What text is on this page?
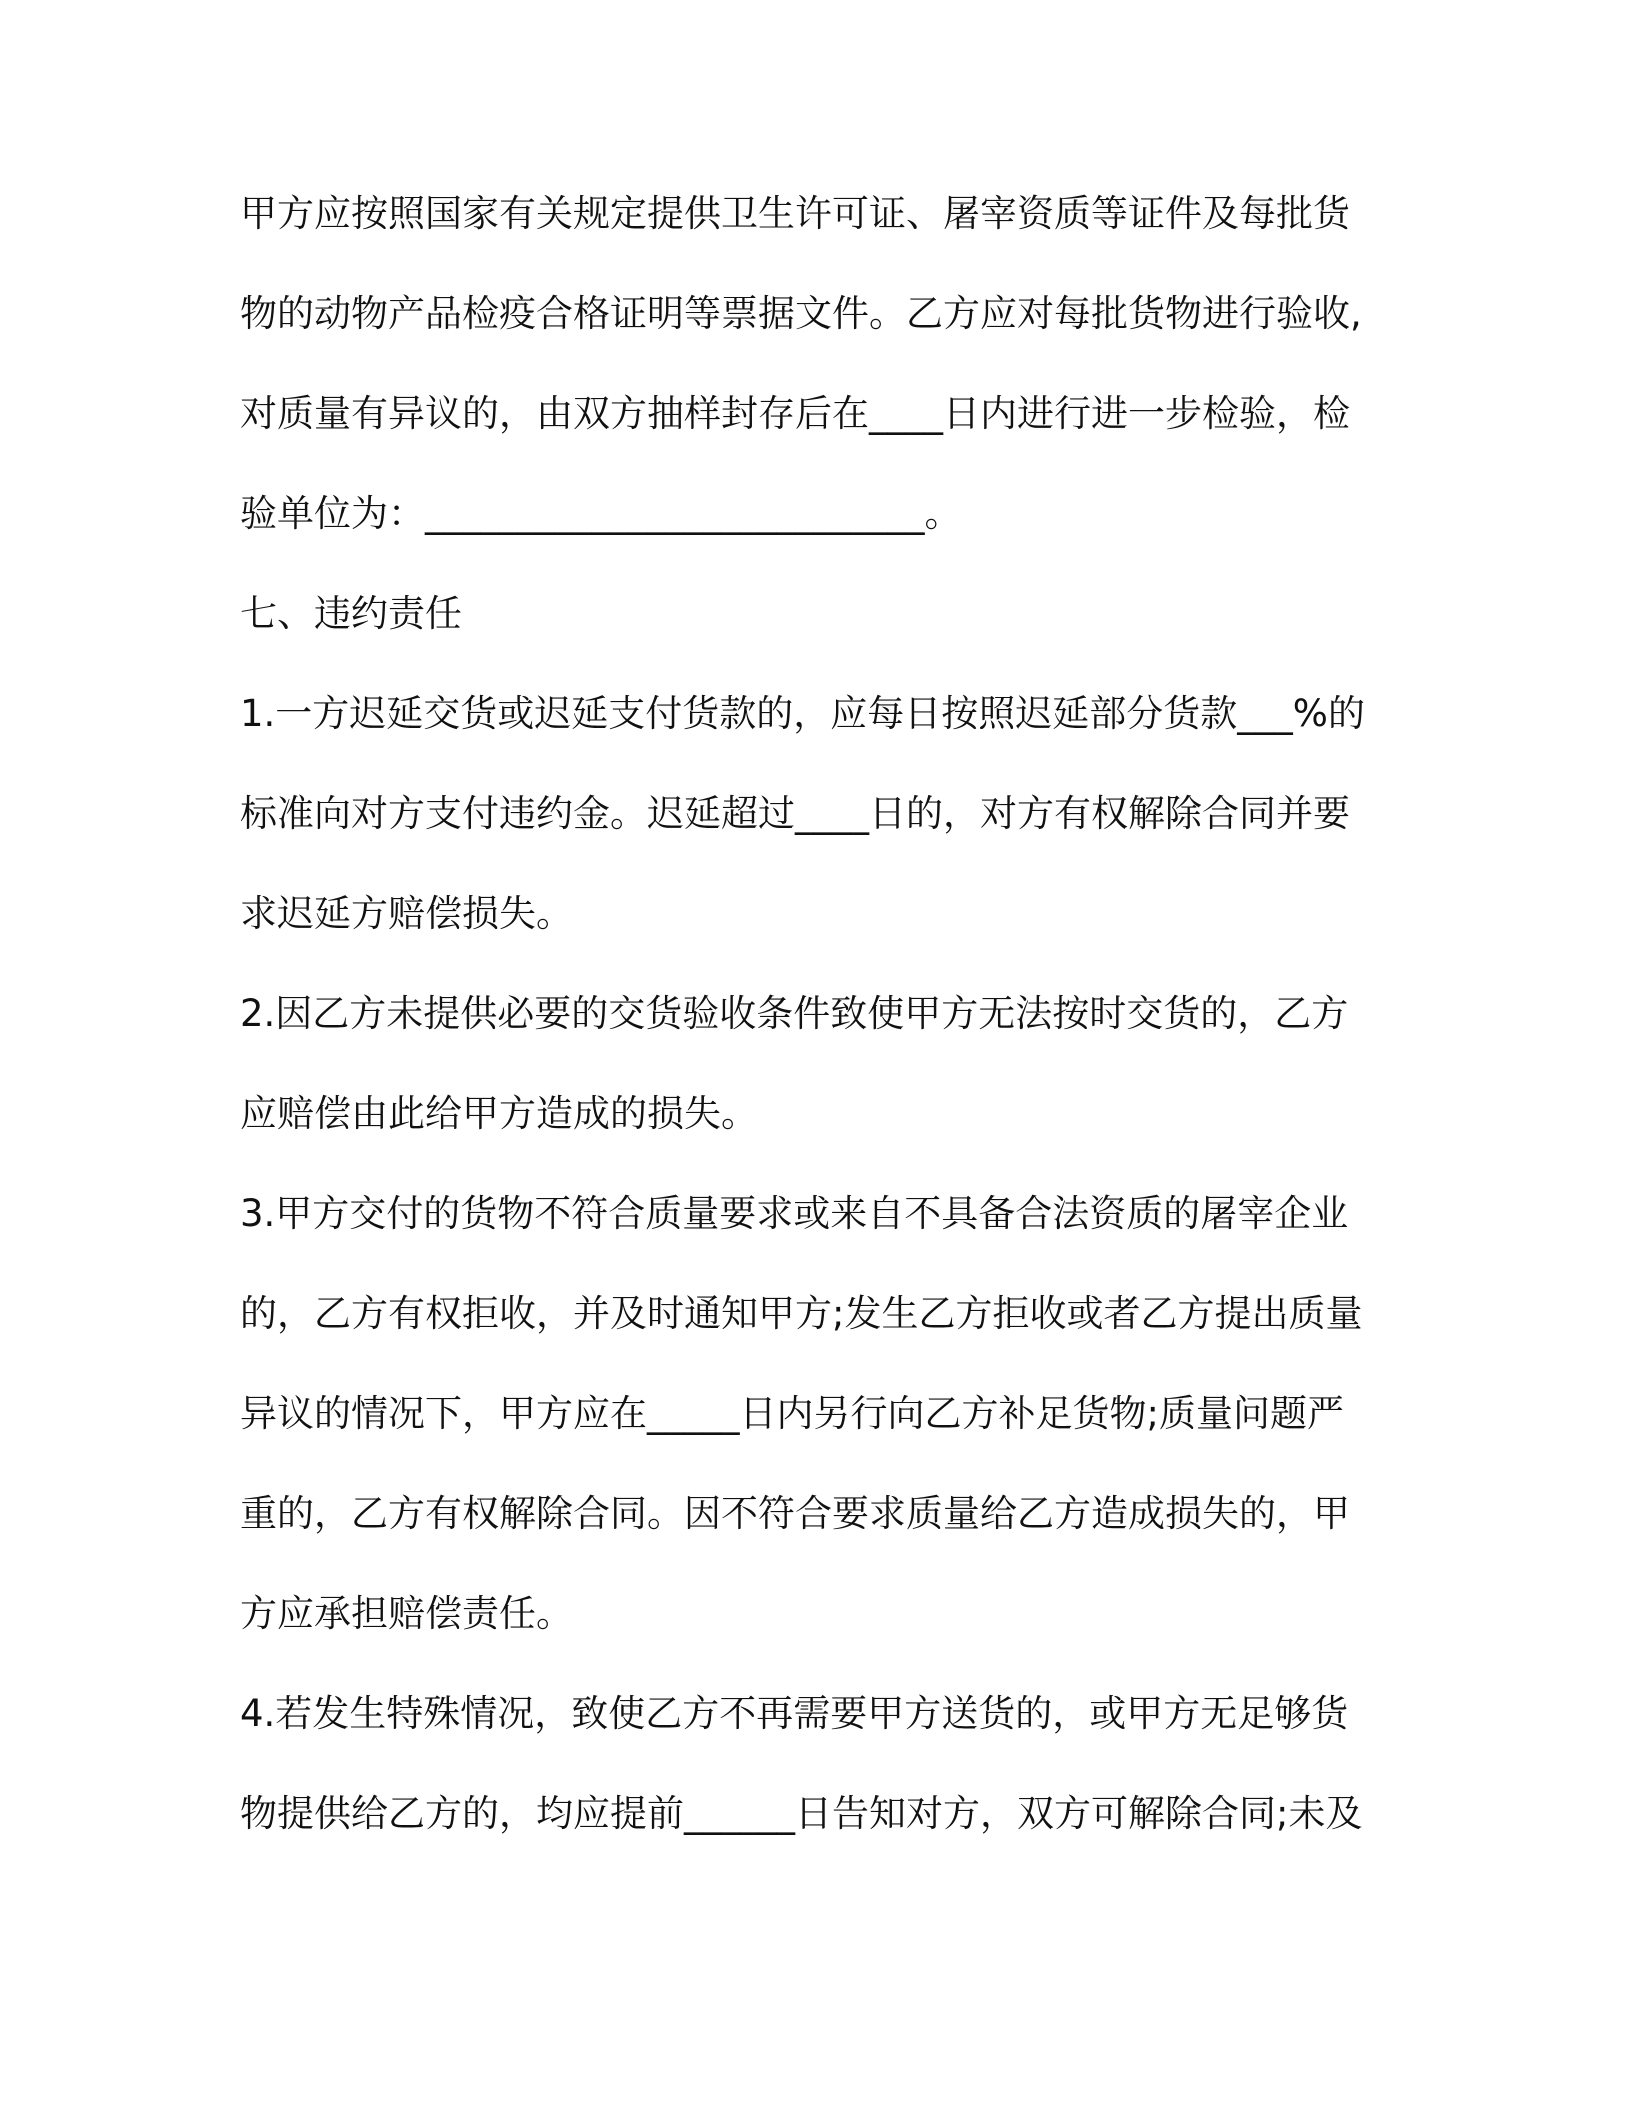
甲方应按照国家有关规定提供卫生许可证、屠宰资质等证件及每批货
物的动物产品检疫合格证明等票据文件。乙方应对每批货物进行验收,
对质量有异议的，由双方抽样封存后在____日内进行进一步检验，检
验单位为：___________________________。
七、违约责任
1.一方迟延交货或迟延支付货款的，应每日按照迟延部分货款___%的
标准向对方支付违约金。迟延超过____日的，对方有权解除合同并要
求迟延方赔偿损失。
2.因乙方未提供必要的交货验收条件致使甲方无法按时交货的，乙方
应赔偿由此给甲方造成的损失。
3.甲方交付的货物不符合质量要求或来自不具备合法资质的屠宰企业
的，乙方有权拒收，并及时通知甲方;发生乙方拒收或者乙方提出质量
异议的情况下，甲方应在_____日内另行向乙方补足货物;质量问题严
重的，乙方有权解除合同。因不符合要求质量给乙方造成损失的，甲
方应承担赔偿责任。
4.若发生特殊情况，致使乙方不再需要甲方送货的，或甲方无足够货
物提供给乙方的，均应提前______日告知对方，双方可解除合同;未及
